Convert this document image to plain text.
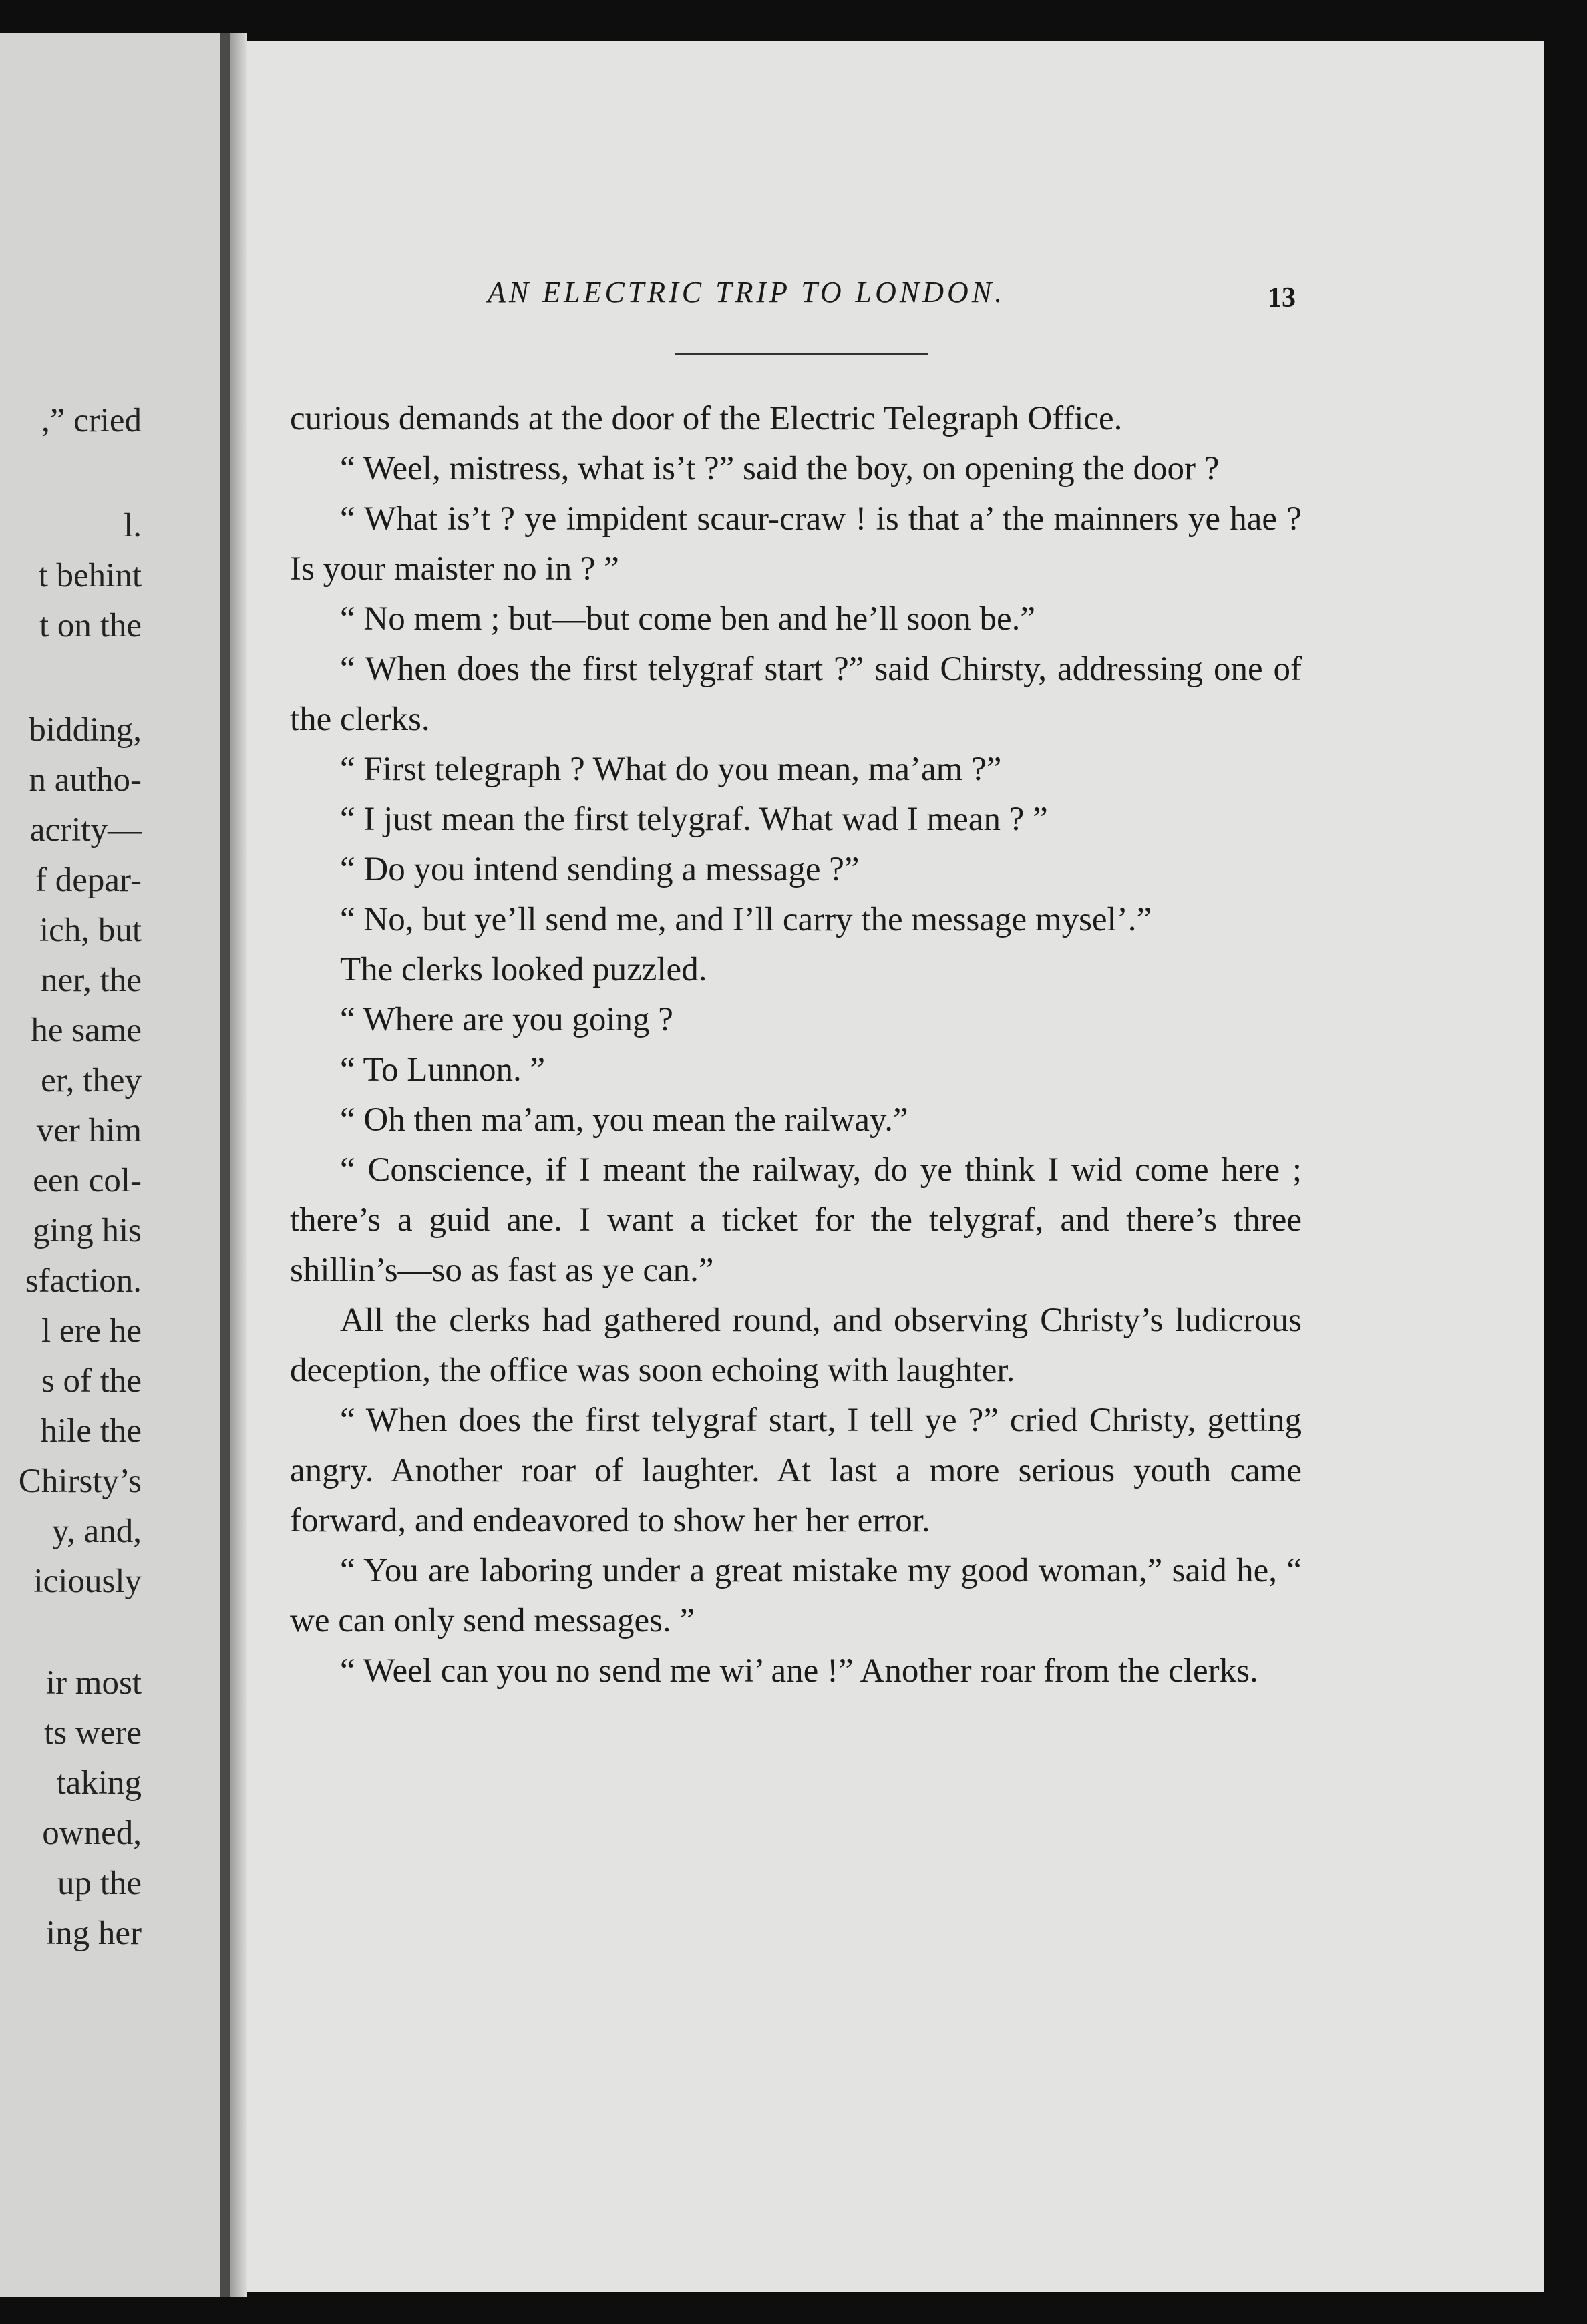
,” cried
l.
t behint
t on the
bidding,
n autho-
acrity—
f depar-
ich, but
ner, the
he same
er, they
ver him
een col-
ging his
sfaction.
l ere he
s of the
hile the
Chirsty’s
y, and,
iciously
ir most
ts were
taking
owned,
up the
ing her
AN ELECTRIC TRIP TO LONDON.	13

curious demands at the door of the Electric Telegraph Office.

“ Weel, mistress, what is’t ?” said the boy, on opening the door ?

“ What is’t ? ye impident scaur-craw ! is that a’ the mainners ye hae ? Is your maister no in ? ”

“ No mem ; but—but come ben and he’ll soon be.”

“ When does the first telygraf start ?” said Chirsty, addressing one of the clerks.

“ First telegraph ? What do you mean, ma’am ?”

“ I just mean the first telygraf. What wad I mean ? ”

“ Do you intend sending a message ?”

“ No, but ye’ll send me, and I’ll carry the message mysel’.”

The clerks looked puzzled.

“ Where are you going ?

“ To Lunnon. ”

“ Oh then ma’am, you mean the railway.”

“ Conscience, if I meant the railway, do ye think I wid come here ; there’s a guid ane. I want a ticket for the telygraf, and there’s three shillin’s—so as fast as ye can.”

All the clerks had gathered round, and observing Christy’s ludicrous deception, the office was soon echoing with laughter.

“ When does the first telygraf start, I tell ye ?” cried Christy, getting angry. Another roar of laughter. At last a more serious youth came forward, and endeavored to show her her error.

“ You are laboring under a great mistake my good woman,” said he, “ we can only send messages. ”

“ Weel can you no send me wi’ ane !” Another roar from the clerks.
